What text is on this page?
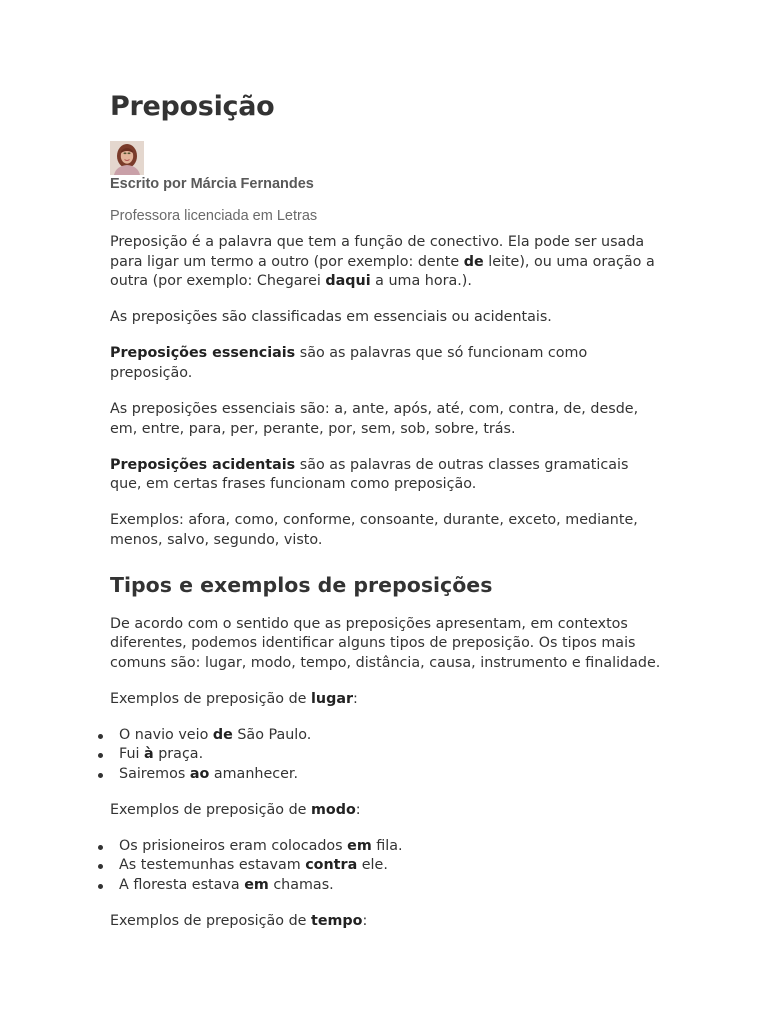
Preposição
Escrito por Márcia Fernandes
Professora licenciada em Letras

Preposição é a palavra que tem a função de conectivo. Ela pode ser usada para ligar um termo a outro (por exemplo: dente de leite), ou uma oração a outra (por exemplo: Chegarei daqui a uma hora.).

As preposições são classificadas em essenciais ou acidentais.

Preposições essenciais são as palavras que só funcionam como preposição.

As preposições essenciais são: a, ante, após, até, com, contra, de, desde, em, entre, para, per, perante, por, sem, sob, sobre, trás.

Preposições acidentais são as palavras de outras classes gramaticais que, em certas frases funcionam como preposição.

Exemplos: afora, como, conforme, consoante, durante, exceto, mediante, menos, salvo, segundo, visto.

Tipos e exemplos de preposições

De acordo com o sentido que as preposições apresentam, em contextos diferentes, podemos identificar alguns tipos de preposição. Os tipos mais comuns são: lugar, modo, tempo, distância, causa, instrumento e finalidade.

Exemplos de preposição de lugar:

O navio veio de São Paulo.
Fui à praça.
Sairemos ao amanhecer.

Exemplos de preposição de modo:

Os prisioneiros eram colocados em fila.
As testemunhas estavam contra ele.
A floresta estava em chamas.

Exemplos de preposição de tempo:
